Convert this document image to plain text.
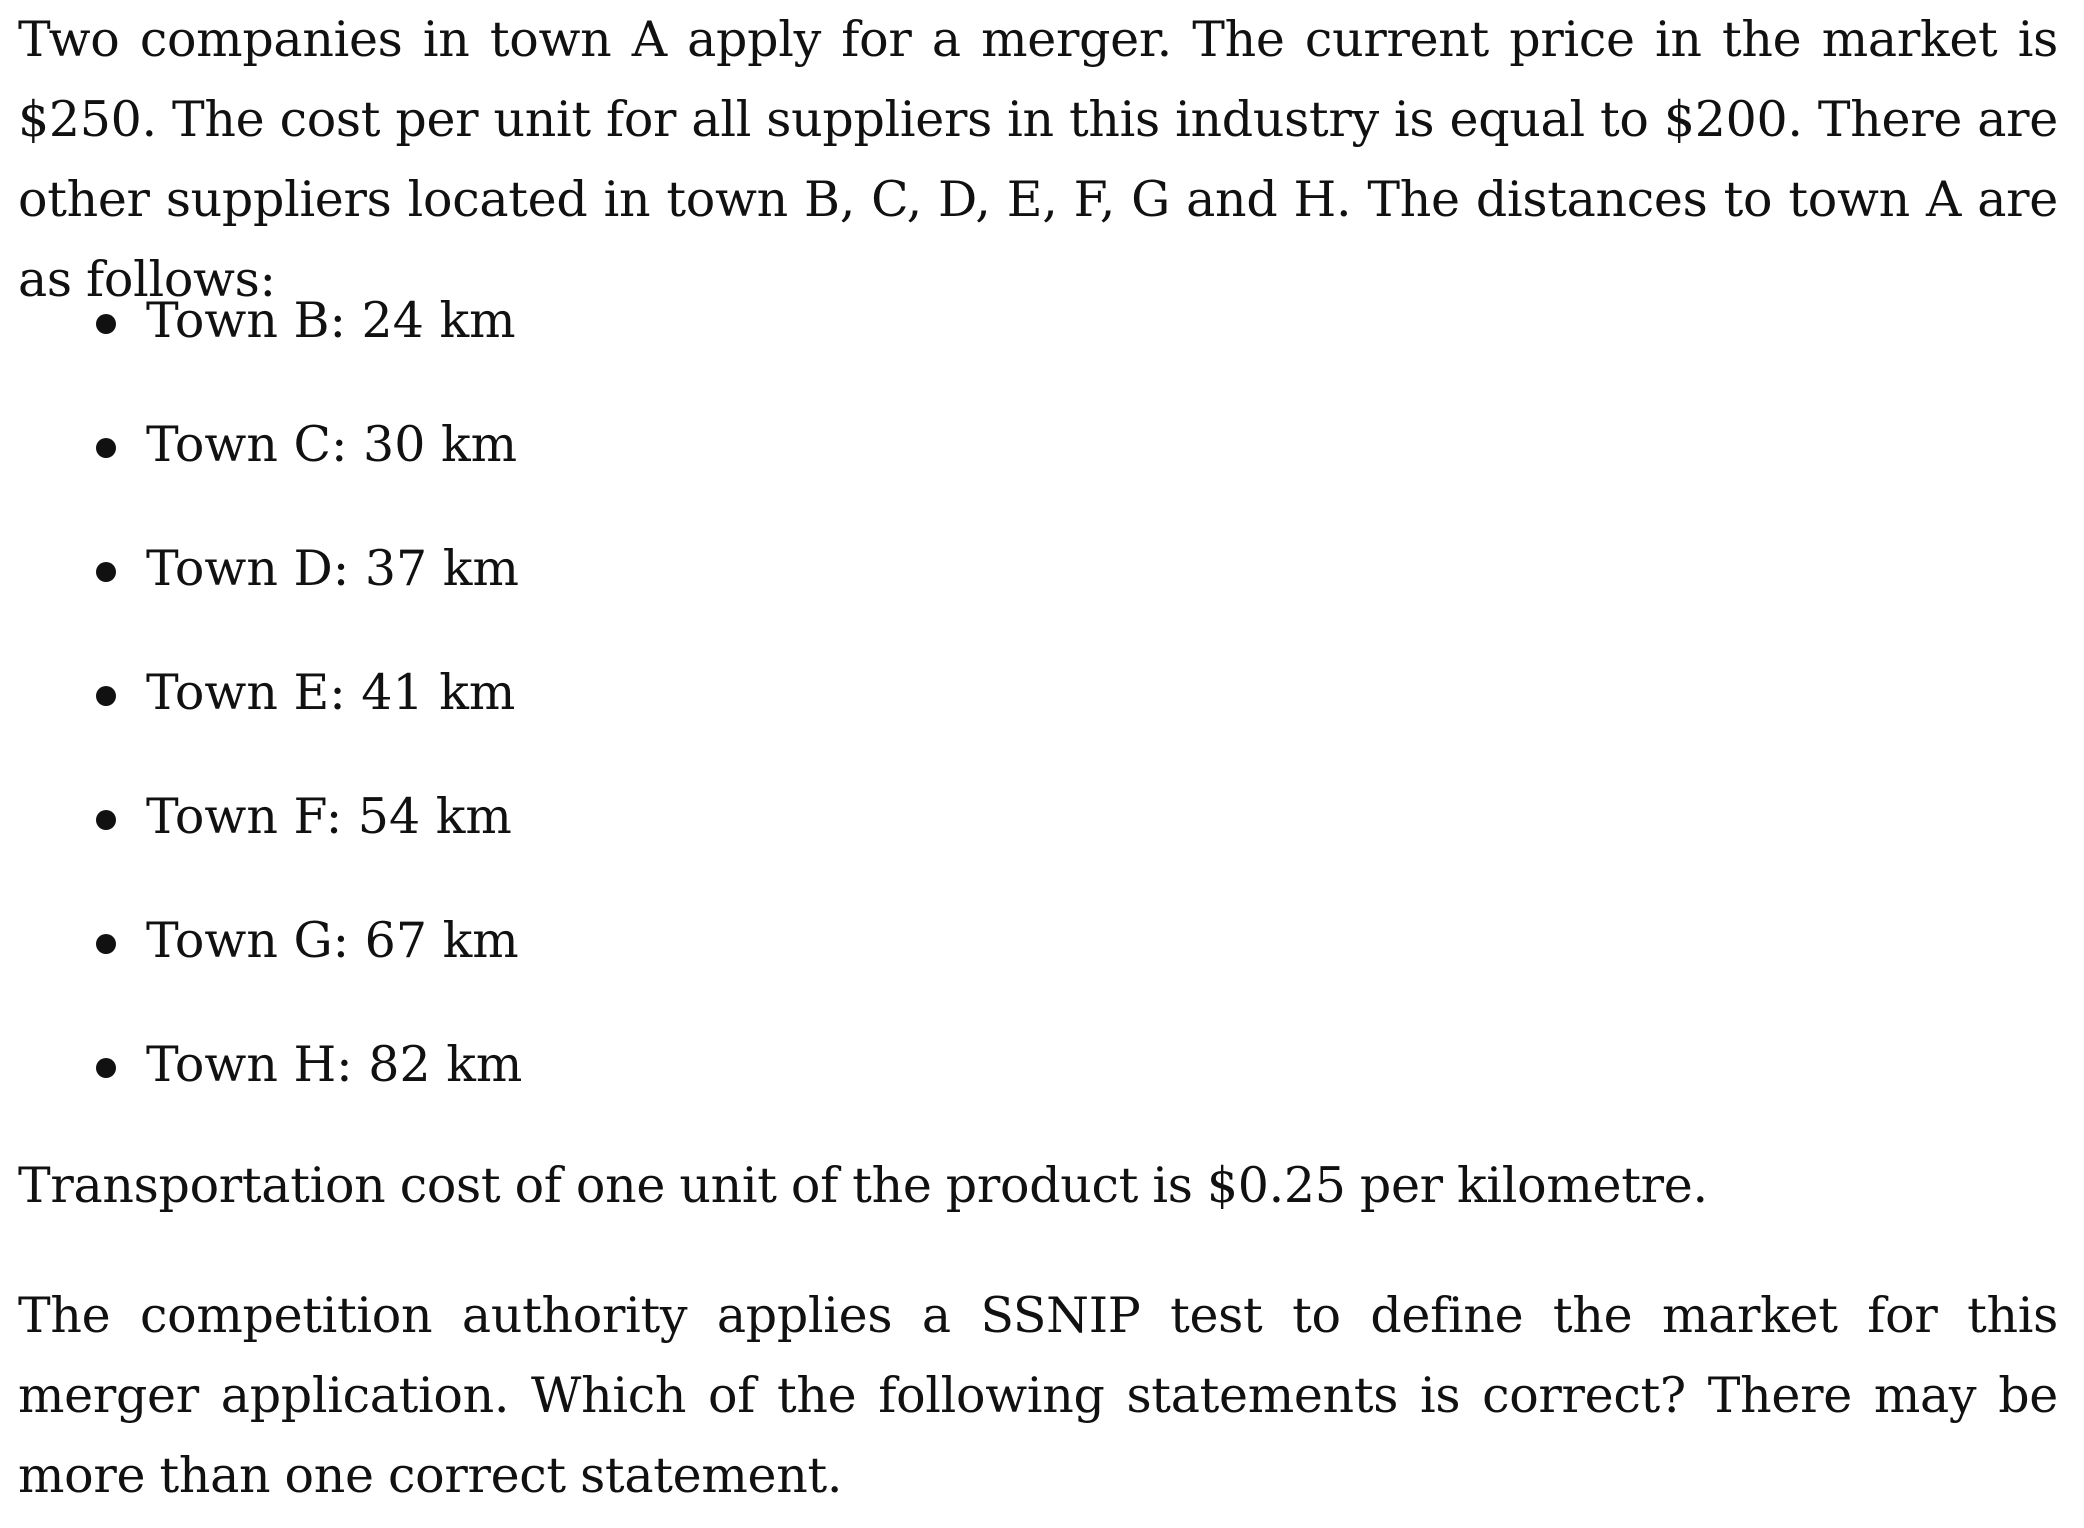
Two companies in town A apply for a merger. The current price in the market is $250. The cost per unit for all suppliers in this industry is equal to $200. There are other suppliers located in town B, C, D, E, F, G and H. The distances to town A are as follows:

Town B: 24 km
Town C: 30 km
Town D: 37 km
Town E: 41 km
Town F: 54 km
Town G: 67 km
Town H: 82 km

Transportation cost of one unit of the product is $0.25 per kilometre.

The competition authority applies a SSNIP test to define the market for this merger application. Which of the following statements is correct? There may be more than one correct statement.
